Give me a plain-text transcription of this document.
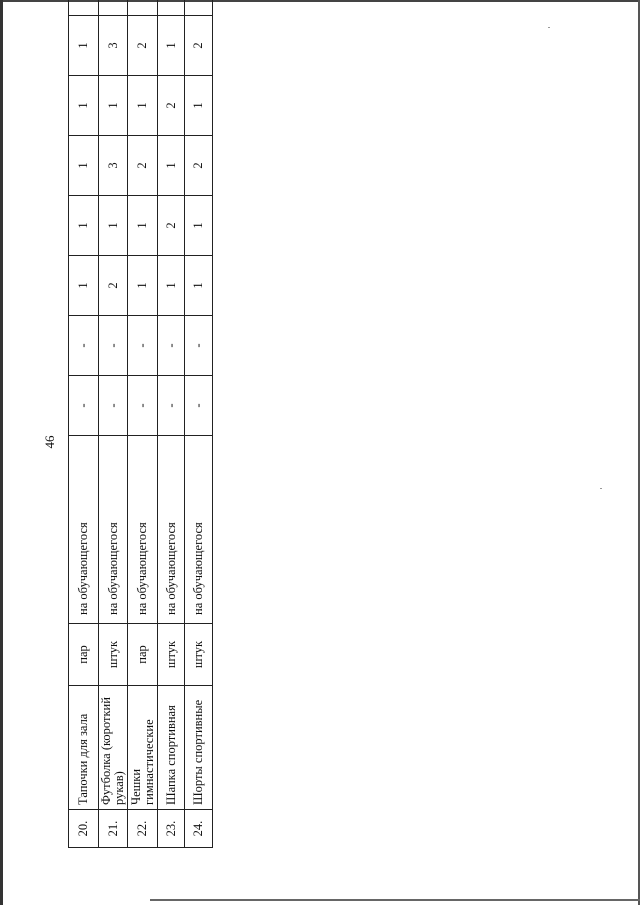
46
20.	Тапочки для зала	пар	на обучающегося	-	-	1	1	1	1	1	
21.	Футболка (короткий рукав)	штук	на обучающегося	-	-	2	1	3	1	3	
22.	Чешки гимнастические	пар	на обучающегося	-	-	1	1	2	1	2	
23.	Шапка спортивная	штук	на обучающегося	-	-	1	2	1	2	1	
24.	Шорты спортивные	штук	на обучающегося	-	-	1	1	2	1	2	
